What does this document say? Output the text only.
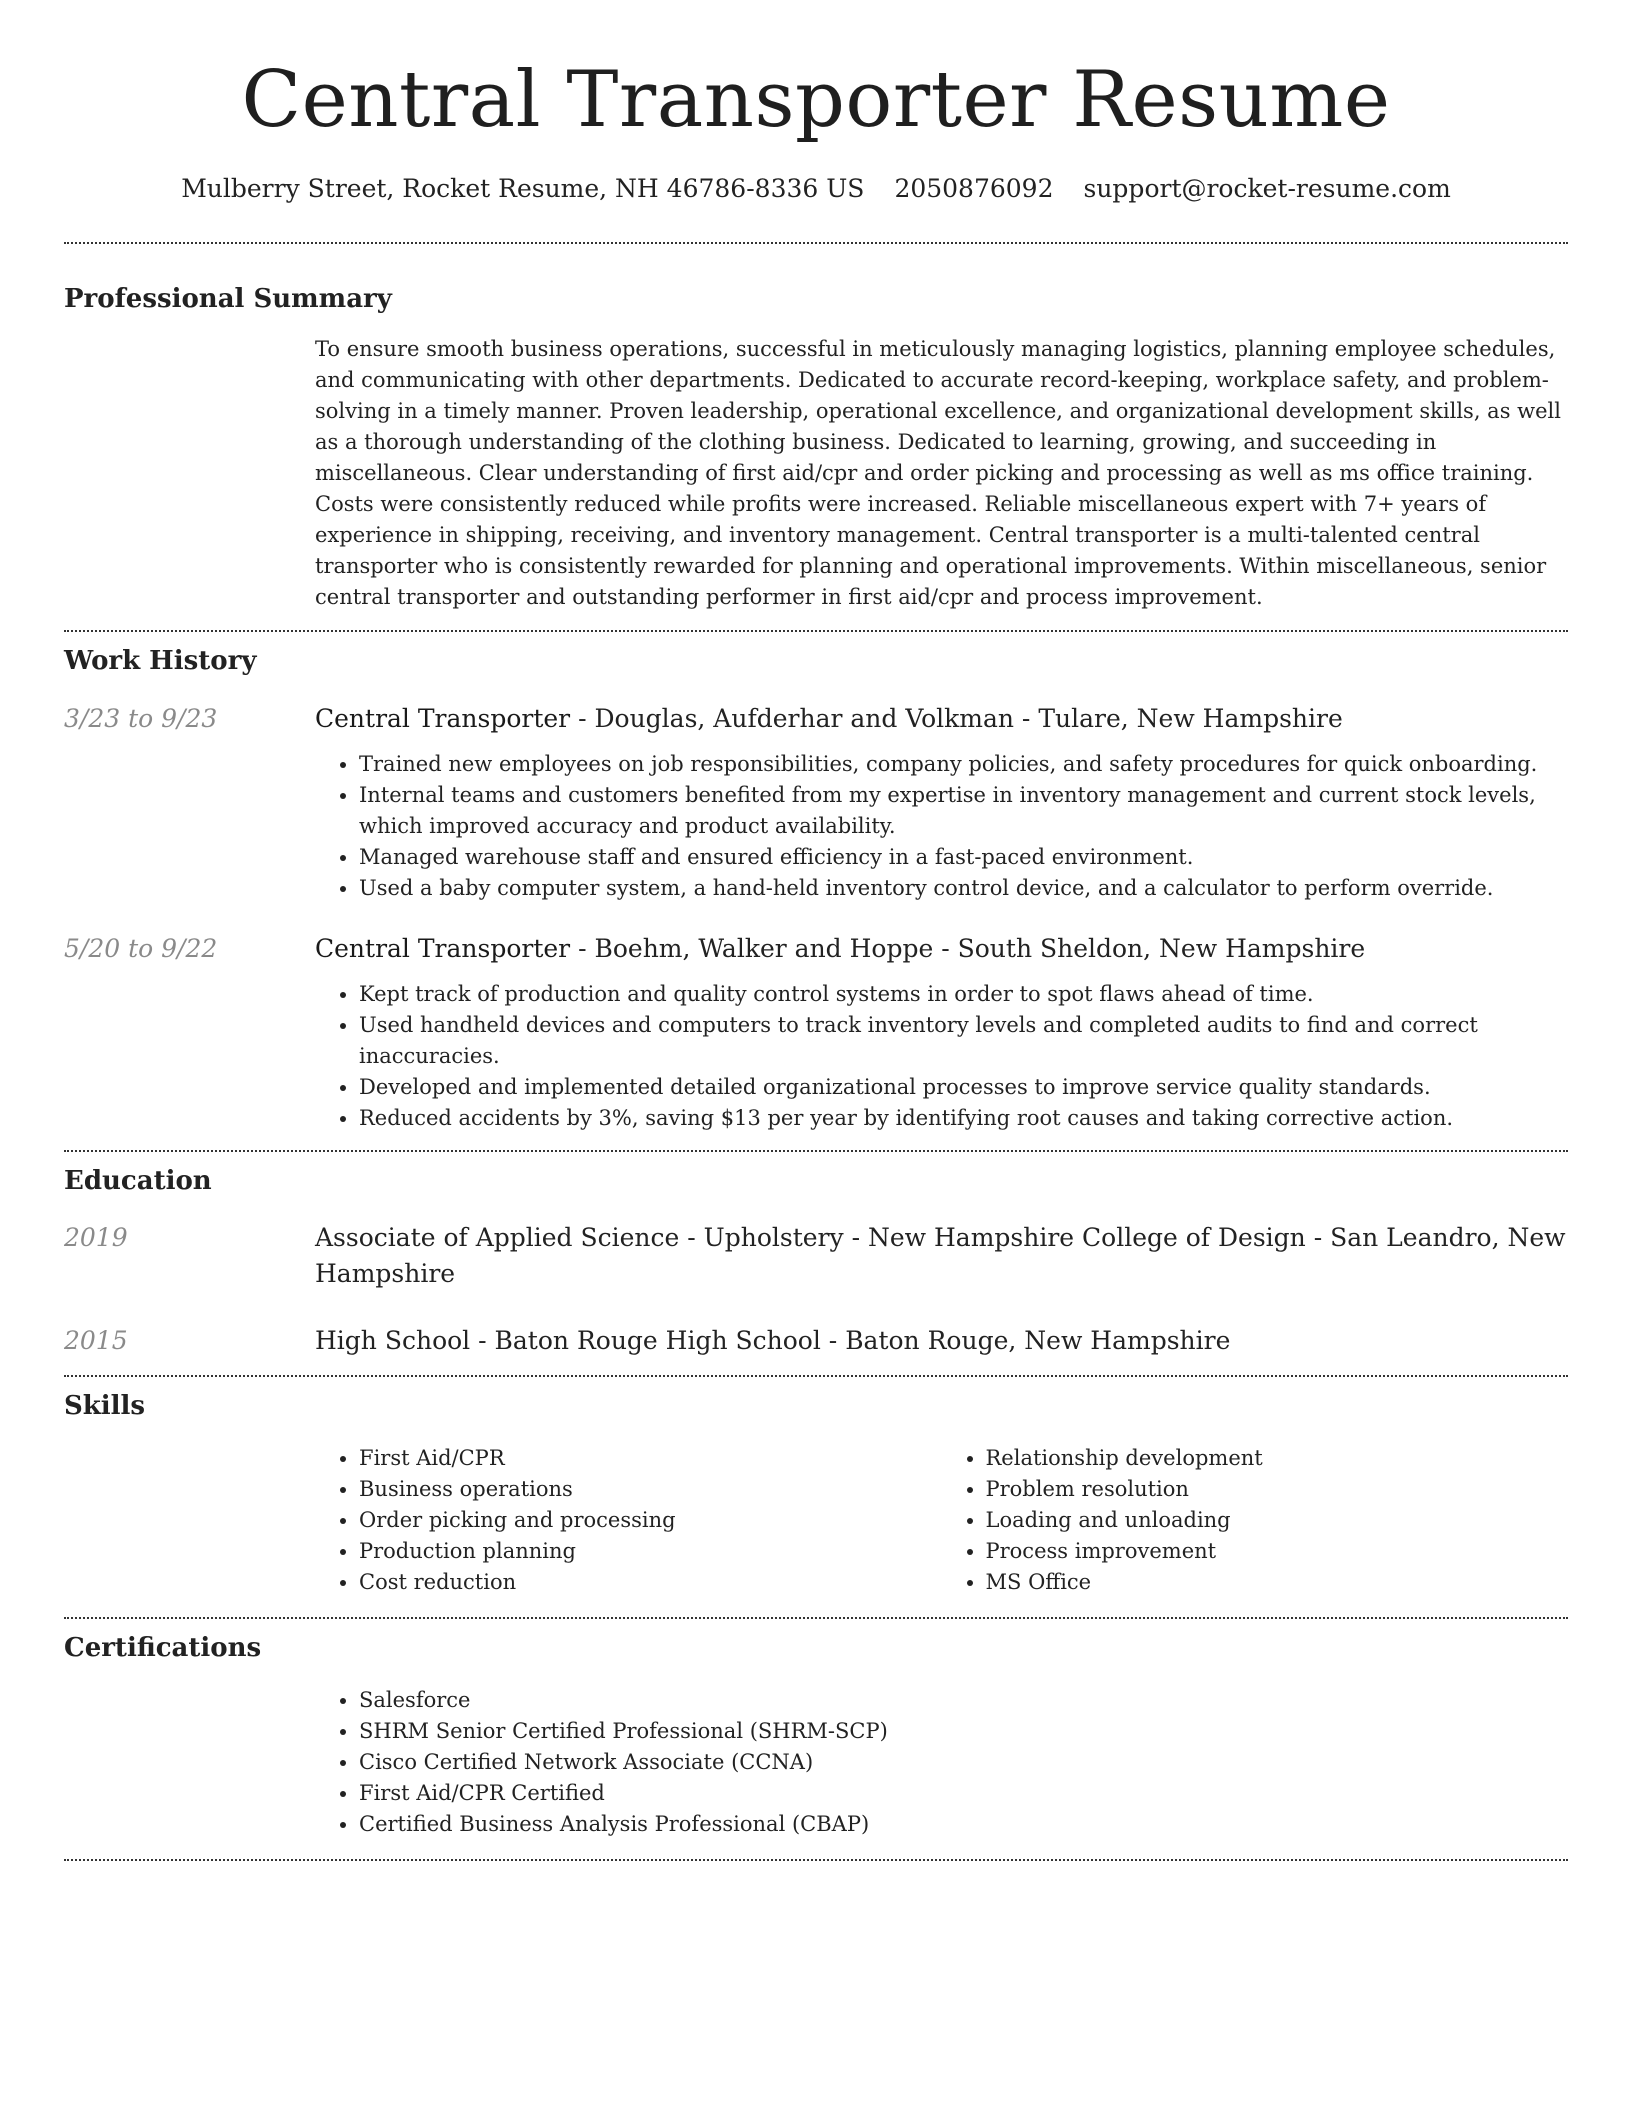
Central Transporter Resume
Mulberry Street, Rocket Resume, NH 46786-8336 US 2050876092 support@rocket-resume.com
Professional Summary

To ensure smooth business operations, successful in meticulously managing logistics, planning employee schedules, and communicating with other departments. Dedicated to accurate record-keeping, workplace safety, and problem-solving in a timely manner. Proven leadership, operational excellence, and organizational development skills, as well as a thorough understanding of the clothing business. Dedicated to learning, growing, and succeeding in miscellaneous. Clear understanding of first aid/cpr and order picking and processing as well as ms office training. Costs were consistently reduced while profits were increased. Reliable miscellaneous expert with 7+ years of experience in shipping, receiving, and inventory management. Central transporter is a multi-talented central transporter who is consistently rewarded for planning and operational improvements. Within miscellaneous, senior central transporter and outstanding performer in first aid/cpr and process improvement.

Work History
3/23 to 9/23	Central Transporter - Douglas, Aufderhar and Volkman - Tulare, New Hampshire
• Trained new employees on job responsibilities, company policies, and safety procedures for quick onboarding.
• Internal teams and customers benefited from my expertise in inventory management and current stock levels, which improved accuracy and product availability.
• Managed warehouse staff and ensured efficiency in a fast-paced environment.
• Used a baby computer system, a hand-held inventory control device, and a calculator to perform override.
5/20 to 9/22	Central Transporter - Boehm, Walker and Hoppe - South Sheldon, New Hampshire
• Kept track of production and quality control systems in order to spot flaws ahead of time.
• Used handheld devices and computers to track inventory levels and completed audits to find and correct inaccuracies.
• Developed and implemented detailed organizational processes to improve service quality standards.
• Reduced accidents by 3%, saving $13 per year by identifying root causes and taking corrective action.
Education
2019	Associate of Applied Science - Upholstery - New Hampshire College of Design - San Leandro, New Hampshire
2015	High School - Baton Rouge High School - Baton Rouge, New Hampshire
Skills
• First Aid/CPR
• Business operations
• Order picking and processing
• Production planning
• Cost reduction
• Relationship development
• Problem resolution
• Loading and unloading
• Process improvement
• MS Office
Certifications
• Salesforce
• SHRM Senior Certified Professional (SHRM-SCP)
• Cisco Certified Network Associate (CCNA)
• First Aid/CPR Certified
• Certified Business Analysis Professional (CBAP)
